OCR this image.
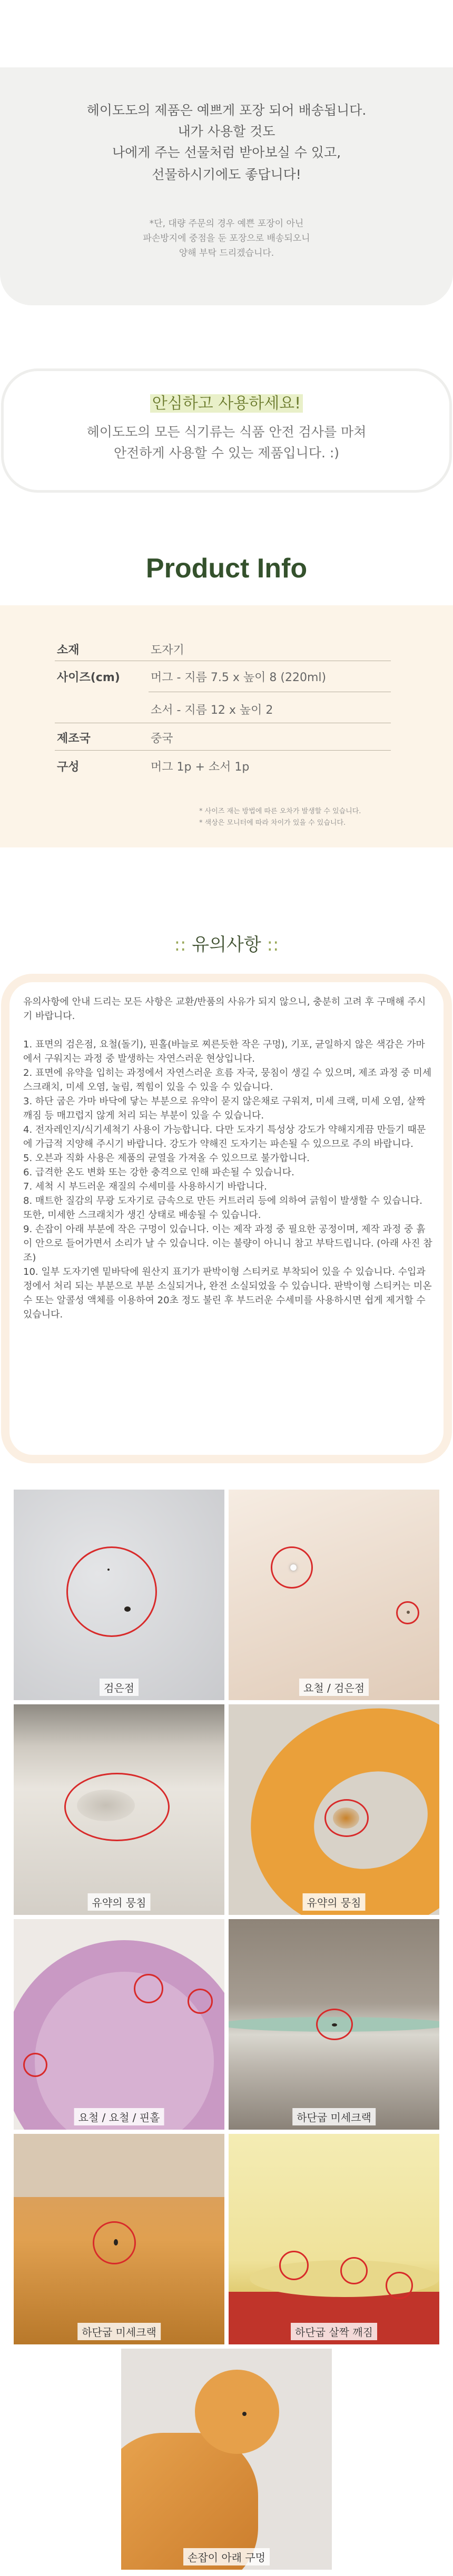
헤이도도의 제품은 예쁘게 포장 되어 배송됩니다.
내가 사용할 것도
나에게 주는 선물처럼 받아보실 수 있고,
선물하시기에도 좋답니다!
*단, 대량 주문의 경우 예쁜 포장이 아닌
파손방지에 중점을 둔 포장으로 배송되오니
양해 부탁 드리겠습니다.
안심하고 사용하세요!
헤이도도의 모든 식기류는 식품 안전 검사를 마쳐
안전하게 사용할 수 있는 제품입니다. :)
Product Info
소재	도자기
사이즈(cm)	머그 - 지름 7.5 x 높이 8 (220ml)
소서 - 지름 12 x 높이 2
제조국	중국
구성	머그 1p + 소서 1p
* 사이즈 재는 방법에 따른 오차가 발생할 수 있습니다.
* 색상은 모니터에 따라 차이가 있을 수 있습니다.
:: 유의사항 ::

유의사항에 안내 드리는 모든 사항은 교환/반품의 사유가 되지 않으니, 충분히 고려 후 구매해 주시기 바랍니다.

1. 표면의 검은점, 요철(돌기), 핀홀(바늘로 찌른듯한 작은 구멍), 기포, 균일하지 않은 색감은 가마에서 구워지는 과정 중 발생하는 자연스러운 현상입니다.

2. 표면에 유약을 입히는 과정에서 자연스러운 흐름 자국, 뭉침이 생길 수 있으며, 제조 과정 중 미세 스크래치, 미세 오염, 눌림, 찍힘이 있을 수 있을 수 있습니다.

3. 하단 굽은 가마 바닥에 닿는 부분으로 유약이 묻지 않은채로 구워져, 미세 크랙, 미세 오염, 살짝 깨짐 등 매끄럽지 않게 처리 되는 부분이 있을 수 있습니다.

4. 전자레인지/식기세척기 사용이 가능합니다. 다만 도자기 특성상 강도가 약해지게끔 만들기 때문에 가급적 지양해 주시기 바랍니다. 강도가 약해진 도자기는 파손될 수 있으므로 주의 바랍니다.

5. 오븐과 직화 사용은 제품의 균열을 가져올 수 있으므로 불가합니다.

6. 급격한 온도 변화 또는 강한 충격으로 인해 파손될 수 있습니다.

7. 세척 시 부드러운 재질의 수세미를 사용하시기 바랍니다.

8. 매트한 질감의 무광 도자기로 금속으로 만든 커트러리 등에 의하여 긁힘이 발생할 수 있습니다. 또한, 미세한 스크래치가 생긴 상태로 배송될 수 있습니다.

9. 손잡이 아래 부분에 작은 구멍이 있습니다. 이는 제작 과정 중 필요한 공정이며, 제작 과정 중 흙이 안으로 들어가면서 소리가 날 수 있습니다. 이는 불량이 아니니 참고 부탁드립니다. (아래 사진 참조)

10. 일부 도자기엔 밑바닥에 원산지 표기가 판박이형 스티커로 부착되어 있을 수 있습니다. 수입과정에서 처리 되는 부분으로 부분 소실되거나, 완전 소실되었을 수 있습니다. 판박이형 스티커는 미온수 또는 알콜성 액체를 이용하여 20초 정도 불린 후 부드러운 수세미를 사용하시면 쉽게 제거할 수 있습니다.

검은점	요철 / 검은점
유약의 뭉침	유약의 뭉침
요철 / 요철 / 핀홀	하단굽 미세크랙
하단굽 미세크랙	하단굽 살짝 깨짐
손잡이 아래 구멍
